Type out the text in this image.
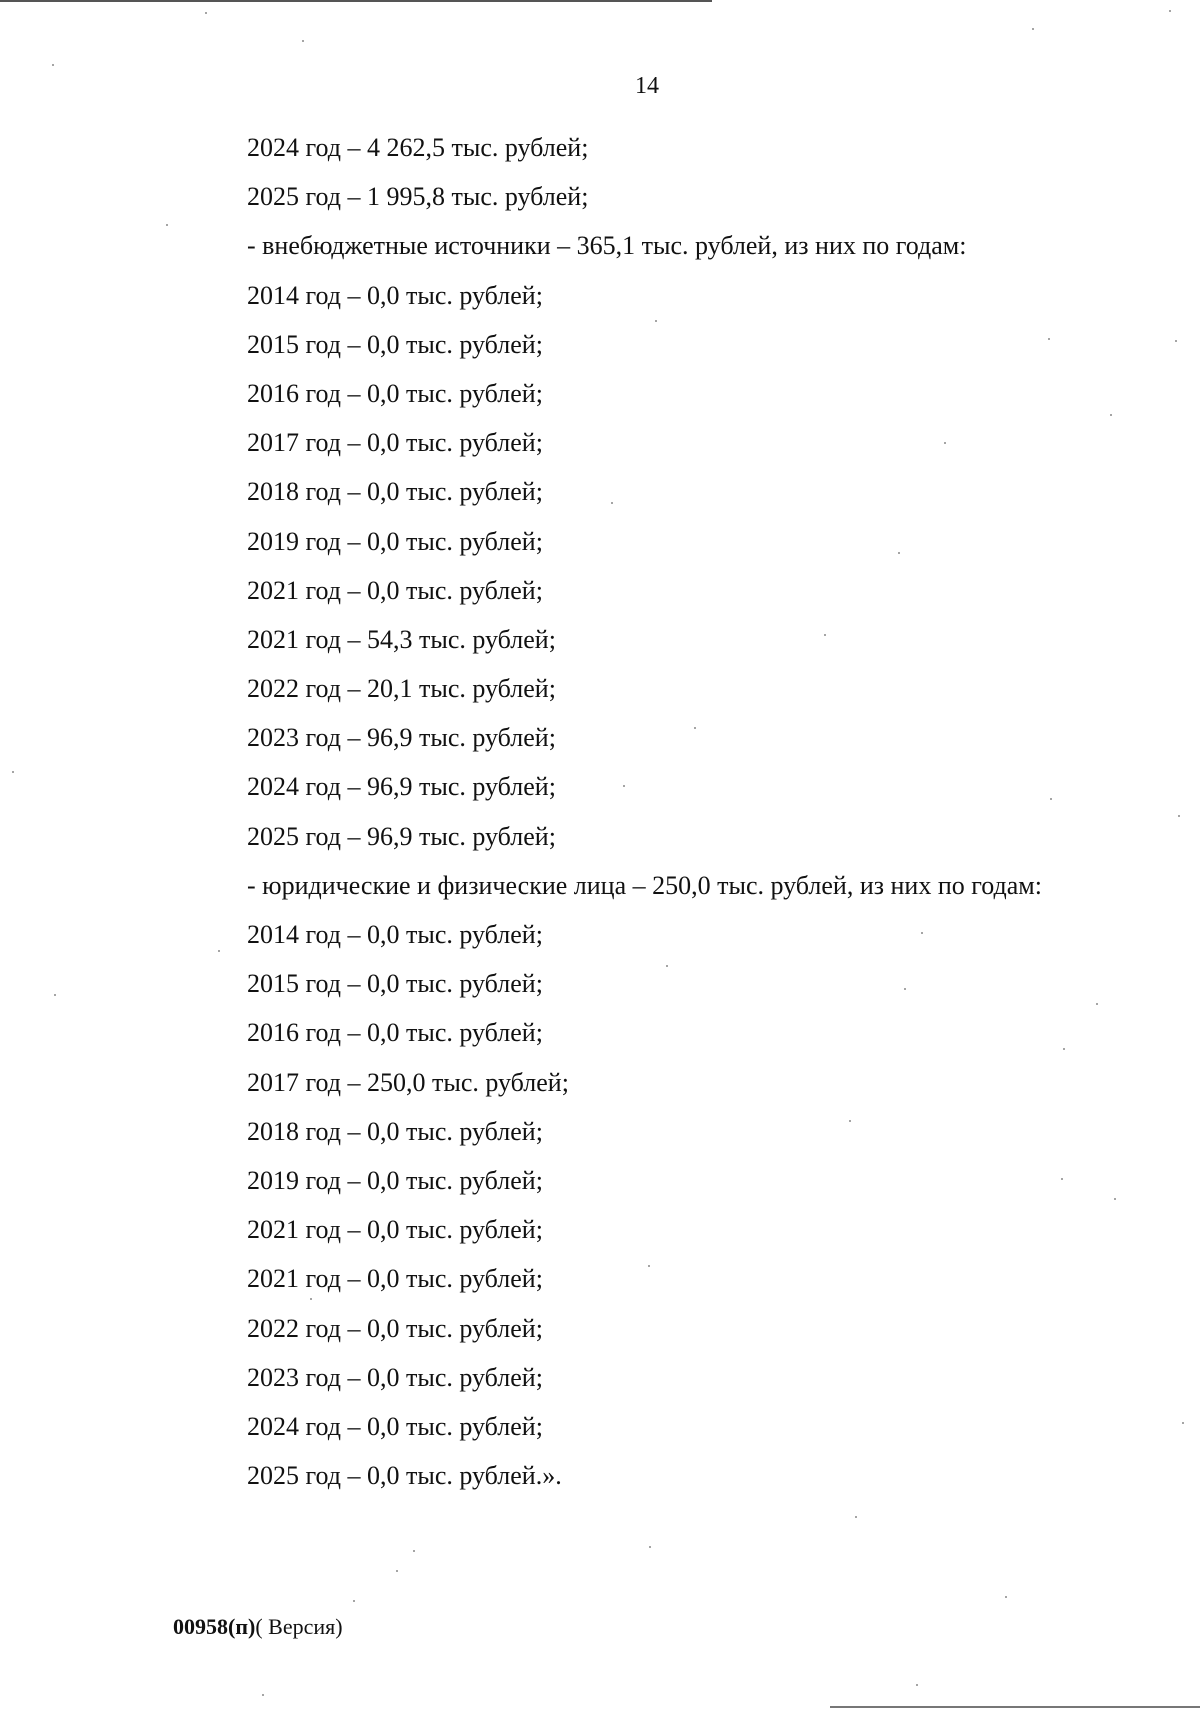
14
2024 год – 4 262,5 тыс. рублей;
2025 год – 1 995,8 тыс. рублей;
- внебюджетные источники – 365,1 тыс. рублей, из них по годам:
2014 год – 0,0 тыс. рублей;
2015 год – 0,0 тыс. рублей;
2016 год – 0,0 тыс. рублей;
2017 год – 0,0 тыс. рублей;
2018 год – 0,0 тыс. рублей;
2019 год – 0,0 тыс. рублей;
2021 год – 0,0 тыс. рублей;
2021 год – 54,3 тыс. рублей;
2022 год – 20,1 тыс. рублей;
2023 год – 96,9 тыс. рублей;
2024 год – 96,9 тыс. рублей;
2025 год – 96,9 тыс. рублей;
- юридические и физические лица – 250,0 тыс. рублей, из них по годам:
2014 год – 0,0 тыс. рублей;
2015 год – 0,0 тыс. рублей;
2016 год – 0,0 тыс. рублей;
2017 год – 250,0 тыс. рублей;
2018 год – 0,0 тыс. рублей;
2019 год – 0,0 тыс. рублей;
2021 год – 0,0 тыс. рублей;
2021 год – 0,0 тыс. рублей;
2022 год – 0,0 тыс. рублей;
2023 год – 0,0 тыс. рублей;
2024 год – 0,0 тыс. рублей;
2025 год – 0,0 тыс. рублей.».
00958(п)( Версия)
